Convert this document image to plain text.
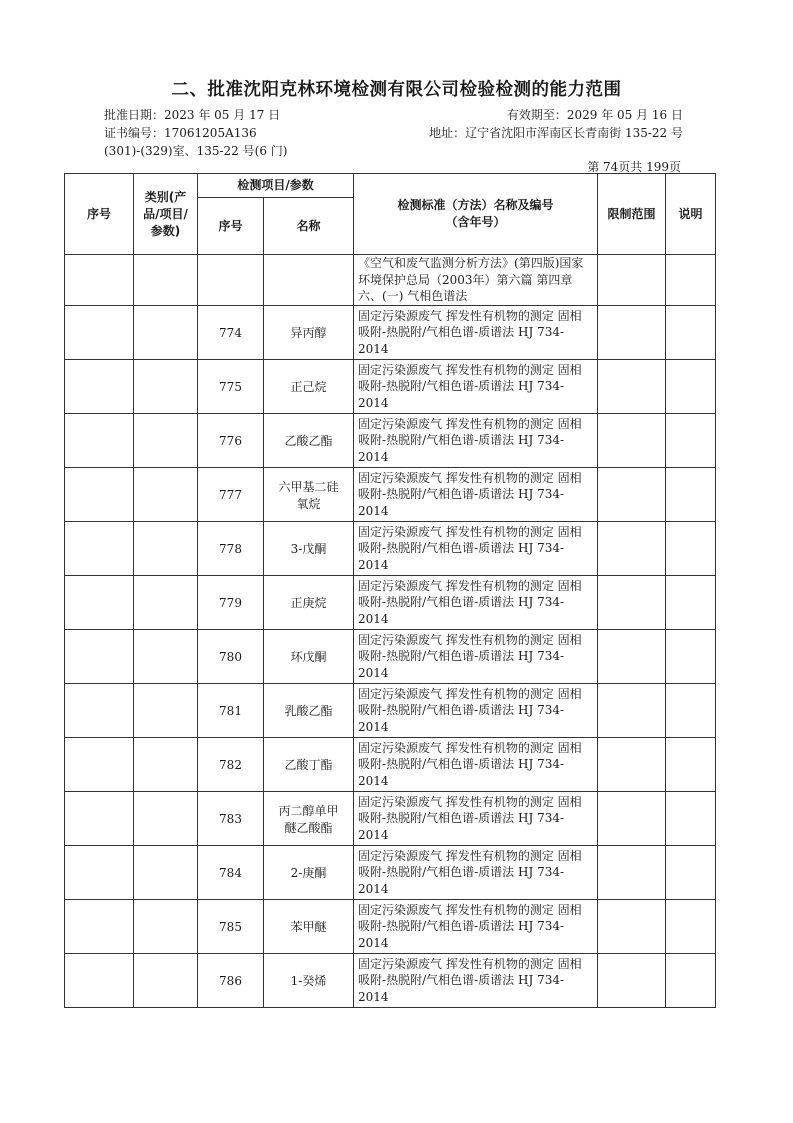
二、批准沈阳克林环境检测有限公司检验检测的能力范围
批准日期：2023 年 05 月 17 日	有效期至：2029 年 05 月 16 日
证书编号：17061205A136	地址：辽宁省沈阳市浑南区长青南街 135-22 号
(301)-(329)室、135-22 号(6 门)
第 74页共 199页
序号	类别(产品/项目/参数)	检测项目/参数		检测标准（方法）名称及编号（含年号）	限制范围	说明
		序号	名称			
				《空气和废气监测分析方法》(第四版)国家环境保护总局（2003年）第六篇 第四章 六、(一) 气相色谱法		
		774	异丙醇	固定污染源废气 挥发性有机物的测定 固相吸附-热脱附/气相色谱-质谱法 HJ 734-2014		
		775	正己烷	固定污染源废气 挥发性有机物的测定 固相吸附-热脱附/气相色谱-质谱法 HJ 734-2014		
		776	乙酸乙酯	固定污染源废气 挥发性有机物的测定 固相吸附-热脱附/气相色谱-质谱法 HJ 734-2014		
		777	六甲基二硅氧烷	固定污染源废气 挥发性有机物的测定 固相吸附-热脱附/气相色谱-质谱法 HJ 734-2014		
		778	3-戊酮	固定污染源废气 挥发性有机物的测定 固相吸附-热脱附/气相色谱-质谱法 HJ 734-2014		
		779	正庚烷	固定污染源废气 挥发性有机物的测定 固相吸附-热脱附/气相色谱-质谱法 HJ 734-2014		
		780	环戊酮	固定污染源废气 挥发性有机物的测定 固相吸附-热脱附/气相色谱-质谱法 HJ 734-2014		
		781	乳酸乙酯	固定污染源废气 挥发性有机物的测定 固相吸附-热脱附/气相色谱-质谱法 HJ 734-2014		
		782	乙酸丁酯	固定污染源废气 挥发性有机物的测定 固相吸附-热脱附/气相色谱-质谱法 HJ 734-2014		
		783	丙二醇单甲醚乙酸酯	固定污染源废气 挥发性有机物的测定 固相吸附-热脱附/气相色谱-质谱法 HJ 734-2014		
		784	2-庚酮	固定污染源废气 挥发性有机物的测定 固相吸附-热脱附/气相色谱-质谱法 HJ 734-2014		
		785	苯甲醚	固定污染源废气 挥发性有机物的测定 固相吸附-热脱附/气相色谱-质谱法 HJ 734-2014		
		786	1-癸烯	固定污染源废气 挥发性有机物的测定 固相吸附-热脱附/气相色谱-质谱法 HJ 734-2014		
